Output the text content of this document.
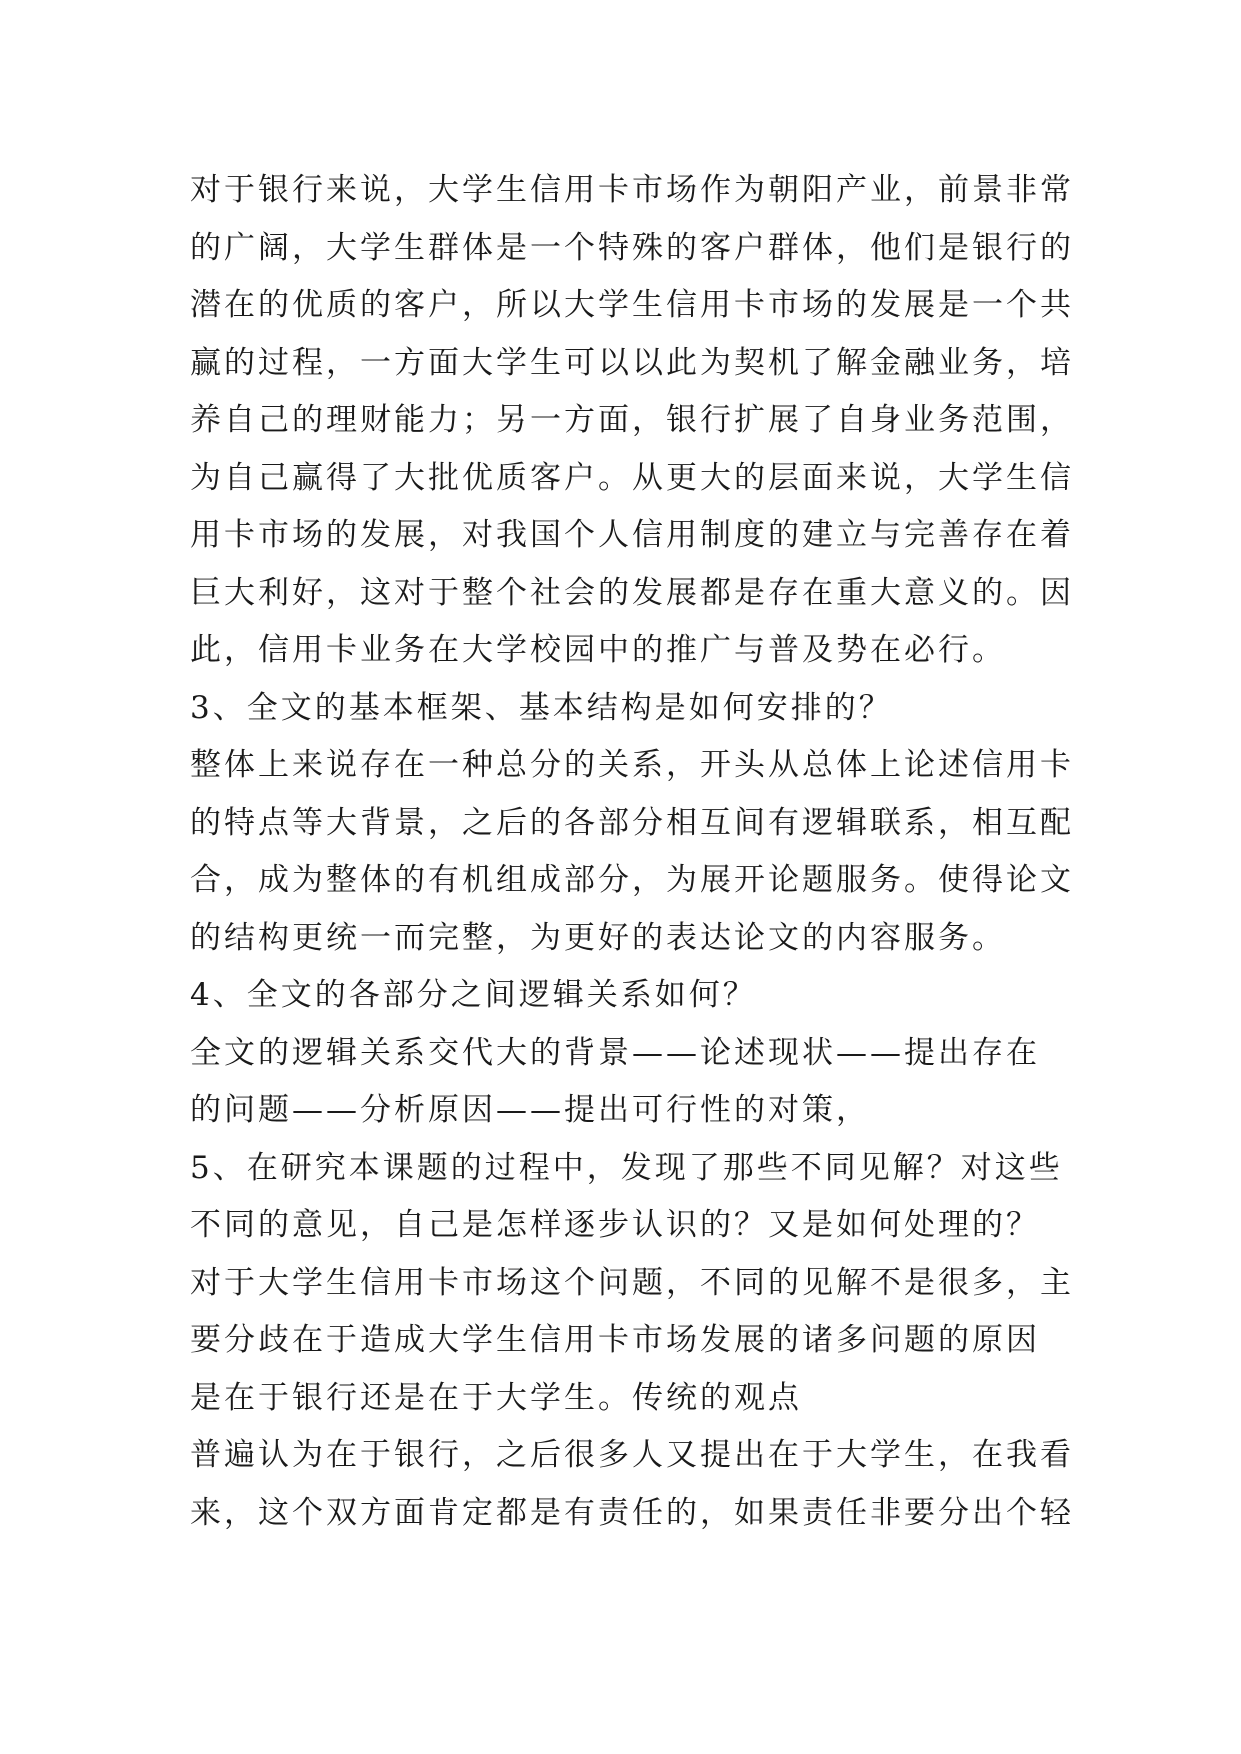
对于银行来说，大学生信用卡市场作为朝阳产业，前景非常
的广阔，大学生群体是一个特殊的客户群体，他们是银行的
潜在的优质的客户，所以大学生信用卡市场的发展是一个共
赢的过程，一方面大学生可以以此为契机了解金融业务，培
养自己的理财能力；另一方面，银行扩展了自身业务范围，
为自己赢得了大批优质客户。从更大的层面来说，大学生信
用卡市场的发展，对我国个人信用制度的建立与完善存在着
巨大利好，这对于整个社会的发展都是存在重大意义的。因
此，信用卡业务在大学校园中的推广与普及势在必行。
3、全文的基本框架、基本结构是如何安排的？
整体上来说存在一种总分的关系，开头从总体上论述信用卡
的特点等大背景，之后的各部分相互间有逻辑联系，相互配
合，成为整体的有机组成部分，为展开论题服务。使得论文
的结构更统一而完整，为更好的表达论文的内容服务。
4、全文的各部分之间逻辑关系如何？
全文的逻辑关系交代大的背景——论述现状——提出存在
的问题——分析原因——提出可行性的对策，
5、在研究本课题的过程中，发现了那些不同见解？对这些
不同的意见，自己是怎样逐步认识的？又是如何处理的？
对于大学生信用卡市场这个问题，不同的见解不是很多，主
要分歧在于造成大学生信用卡市场发展的诸多问题的原因
是在于银行还是在于大学生。传统的观点
普遍认为在于银行，之后很多人又提出在于大学生，在我看
来，这个双方面肯定都是有责任的，如果责任非要分出个轻
